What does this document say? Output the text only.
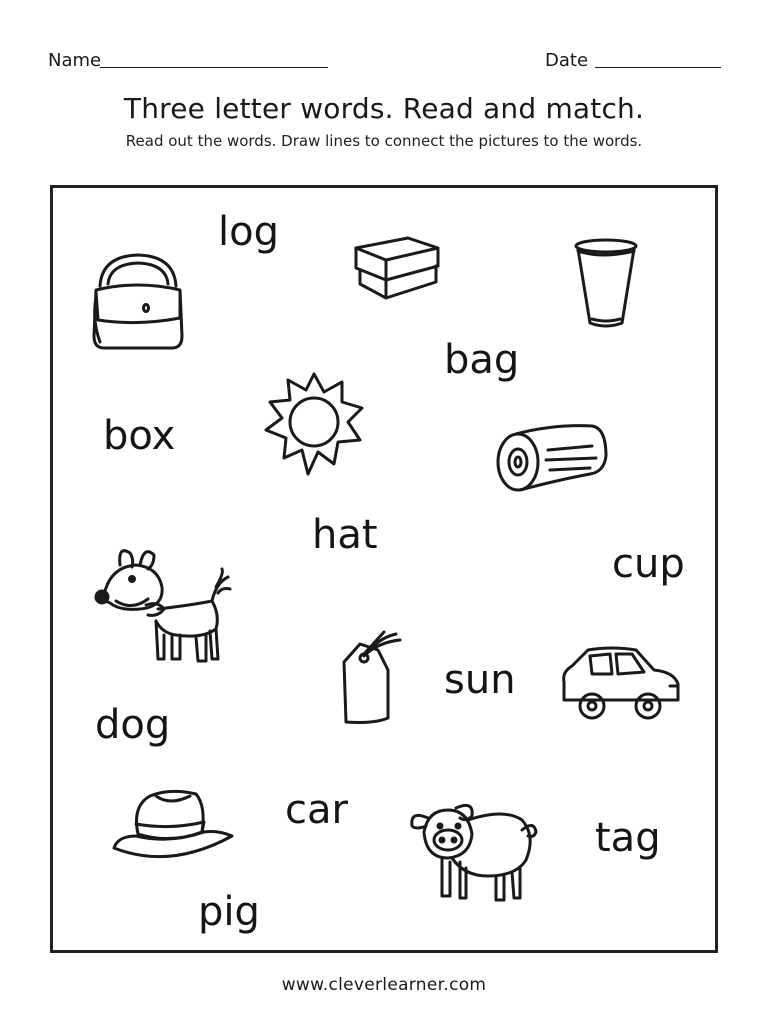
Name	Date
Three letter words. Read and match.
Read out the words. Draw lines to connect the pictures to the words.
log
bag
box
hat
cup
sun
dog
car
tag
pig
www.cleverlearner.com
